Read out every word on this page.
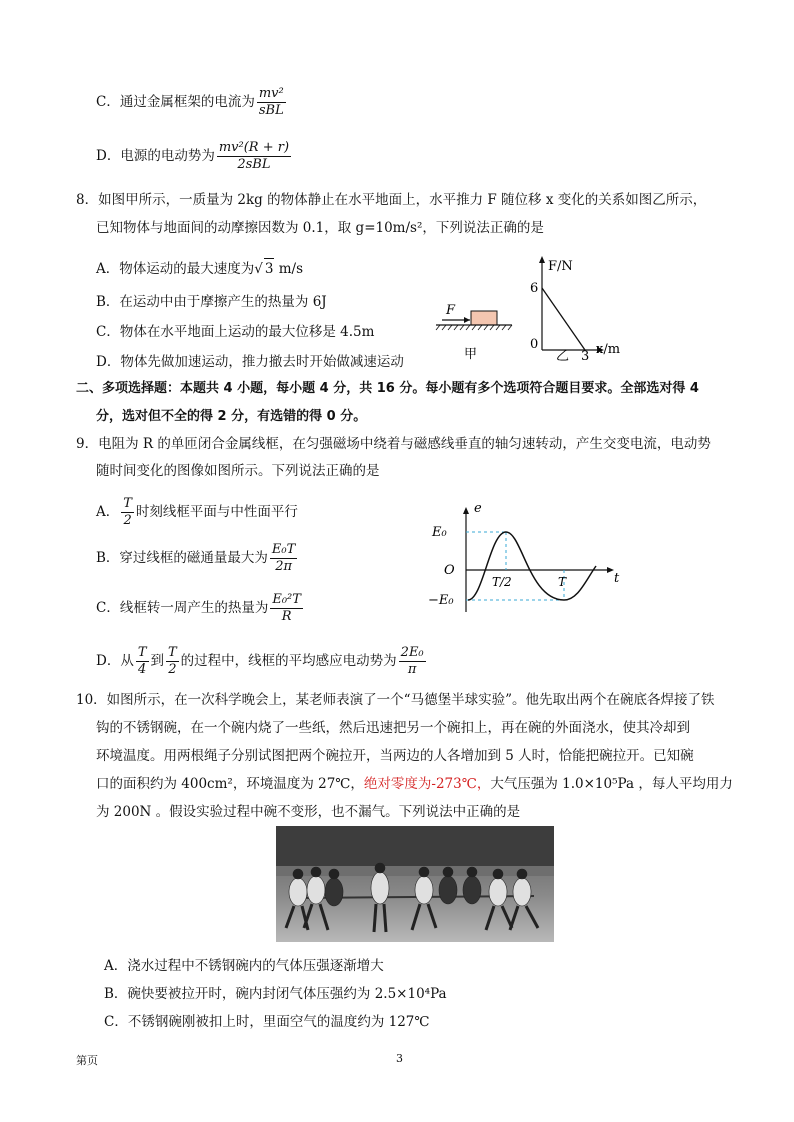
C．通过金属框架的电流为 $\frac{\text{mv²}}{\text{sBL}}$
D．电源的电动势为 $\frac{\text{mv²(R + r)}}{\text{2sBL}}$
8．如图甲所示，一质量为 2kg 的物体静止在水平地面上，水平推力 F 随位移 x 变化的关系如图乙所示，
已知物体与地面间的动摩擦因数为 0.1，取 g=10m/s²，下列说法正确的是
A．物体运动的最大速度为√ 3 m/s
B．在运动中由于摩擦产生的热量为 6J
C．物体在水平地面上运动的最大位移是 4.5m
D．物体先做加速运动，推力撤去时开始做减速运动
F
甲
F/N
6
0
乙 3 x/m
二、多项选择题：本题共 4 小题，每小题 4 分，共 16 分。每小题有多个选项符合题目要求。全部选对得 4
分，选对但不全的得 2 分，有选错的得 0 分。
9．电阻为 R 的单匝闭合金属线框，在匀强磁场中绕着与磁感线垂直的轴匀速转动，产生交变电流，电动势
随时间变化的图像如图所示。下列说法正确的是
A． $\frac{T}{2}$ 时刻线框平面与中性面平行
B．穿过线框的磁通量最大为 $\frac{\text{E₀T}}{2\pi}$
C．线框转一周产生的热量为 $\frac{\text{E₀²T}}{R}$
D．从 $\frac{T}{4}$ 到 $\frac{T}{2}$ 的过程中，线框的平均感应电动势为 $\frac{\text{2E₀}}{\pi}$
e
E₀
−E₀
O
T/2	T	t
10．如图所示，在一次科学晚会上，某老师表演了一个“马德堡半球实验”。他先取出两个在碗底各焊接了铁
钩的不锈钢碗，在一个碗内烧了一些纸，然后迅速把另一个碗扣上，再在碗的外面浇水，使其冷却到
环境温度。用两根绳子分别试图把两个碗拉开，当两边的人各增加到 5 人时，恰能把碗拉开。已知碗
口的面积约为 400cm²，环境温度为 27℃，绝对零度为-273℃，大气压强为 1.0×10⁵Pa ，每人平均用力
为 200N 。假设实验过程中碗不变形，也不漏气。下列说法中正确的是
A．浇水过程中不锈钢碗内的气体压强逐渐增大
B．碗快要被拉开时，碗内封闭气体压强约为 2.5×10⁴Pa
C．不锈钢碗刚被扣上时，里面空气的温度约为 127℃
第页	3
